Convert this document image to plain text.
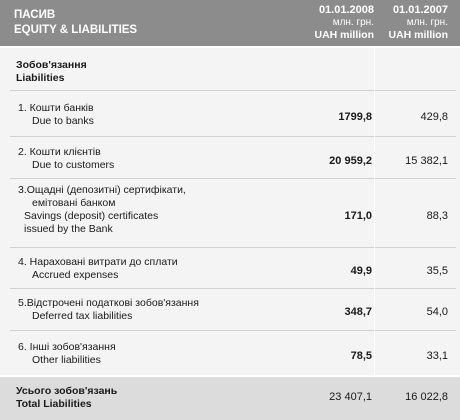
ПАСИВ
EQUITY & LIABILITIES
01.01.2008
млн. грн.
UAH million
01.01.2007
млн. грн.
UAH million
Зобов'язання
Liabilities
1. Кошти банків
Due to banks	1799,8	429,8
2. Кошти клієнтів
Due to customers	20 959,2	15 382,1
3.Ощадні (депозитні) сертифікати,
емітовані банком
Savings (deposit) certificates
issued by the Bank
171,0	88,3
4. Нараховані витрати до сплати
Accrued expenses	49,9	35,5
5.Відстрочені податкові зобов'язання
Deferred tax liabilities	348,7	54,0
6. Інші зобов'язання
Other liabilities	78,5	33,1
Усього зобов'язань
Total Liabilities
23 407,1	16 022,8
